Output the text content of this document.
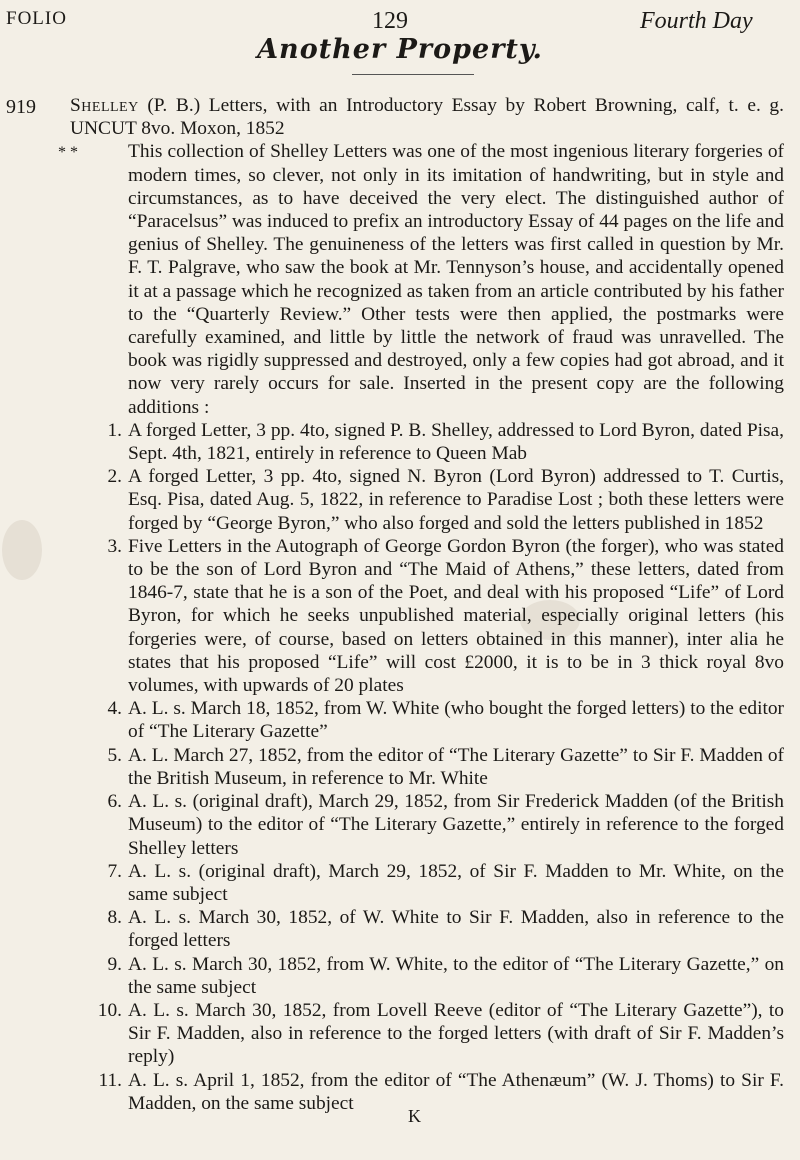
FOLIO	129	Fourth Day
Another Property.
919
* *
Shelley (P. B.) Letters, with an Introductory Essay by Robert Browning, calf, t. e. g. UNCUT 8vo. Moxon, 1852

This collection of Shelley Letters was one of the most ingenious literary forgeries of modern times, so clever, not only in its imitation of handwriting, but in style and circumstances, as to have deceived the very elect. The distinguished author of “Paracelsus” was induced to prefix an introductory Essay of 44 pages on the life and genius of Shelley. The genuineness of the letters was first called in question by Mr. F. T. Palgrave, who saw the book at Mr. Tennyson’s house, and accidentally opened it at a passage which he recognized as taken from an article contributed by his father to the “Quarterly Review.” Other tests were then applied, the postmarks were carefully examined, and little by little the network of fraud was unravelled. The book was rigidly suppressed and destroyed, only a few copies had got abroad, and it now very rarely occurs for sale. Inserted in the present copy are the following additions :

1. A forged Letter, 3 pp. 4to, signed P. B. Shelley, addressed to Lord Byron, dated Pisa, Sept. 4th, 1821, entirely in reference to Queen Mab
2. A forged Letter, 3 pp. 4to, signed N. Byron (Lord Byron) addressed to T. Curtis, Esq. Pisa, dated Aug. 5, 1822, in reference to Paradise Lost ; both these letters were forged by “George Byron,” who also forged and sold the letters published in 1852
3. Five Letters in the Autograph of George Gordon Byron (the forger), who was stated to be the son of Lord Byron and “The Maid of Athens,” these letters, dated from 1846-7, state that he is a son of the Poet, and deal with his proposed “Life” of Lord Byron, for which he seeks unpublished material, especially original letters (his forgeries were, of course, based on letters obtained in this manner), inter alia he states that his proposed “Life” will cost £2000, it is to be in 3 thick royal 8vo volumes, with upwards of 20 plates
4. A. L. s. March 18, 1852, from W. White (who bought the forged letters) to the editor of “The Literary Gazette”
5. A. L. March 27, 1852, from the editor of “The Literary Gazette” to Sir F. Madden of the British Museum, in reference to Mr. White
6. A. L. s. (original draft), March 29, 1852, from Sir Frederick Madden (of the British Museum) to the editor of “The Literary Gazette,” entirely in reference to the forged Shelley letters
7. A. L. s. (original draft), March 29, 1852, of Sir F. Madden to Mr. White, on the same subject
8. A. L. s. March 30, 1852, of W. White to Sir F. Madden, also in reference to the forged letters
9. A. L. s. March 30, 1852, from W. White, to the editor of “The Literary Gazette,” on the same subject
10. A. L. s. March 30, 1852, from Lovell Reeve (editor of “The Literary Gazette”), to Sir F. Madden, also in reference to the forged letters (with draft of Sir F. Madden’s reply)
11. A. L. s. April 1, 1852, from the editor of “The Athenæum” (W. J. Thoms) to Sir F. Madden, on the same subject
K
